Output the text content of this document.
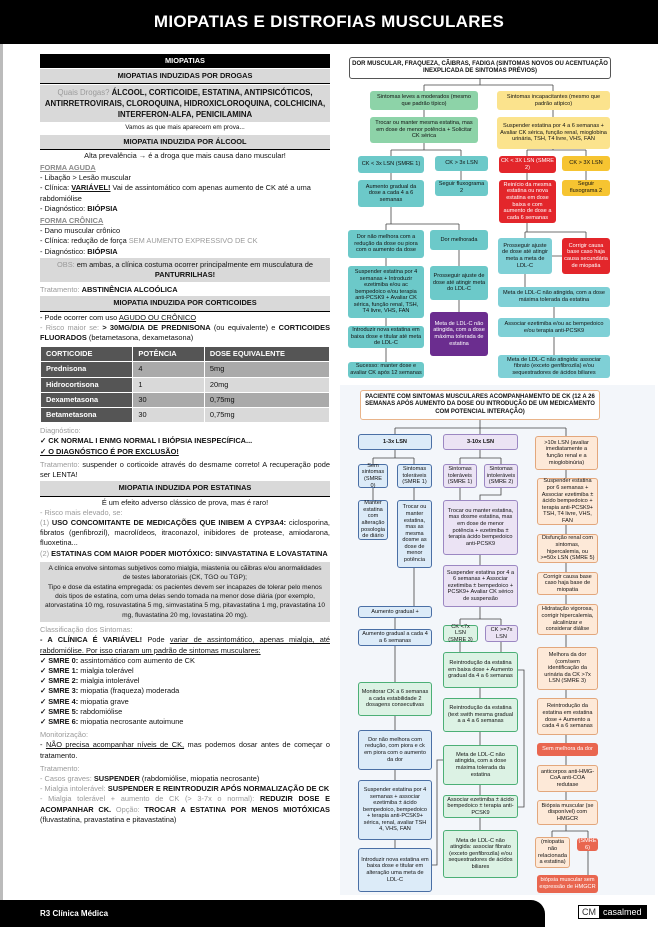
MIOPATIAS E DISTROFIAS MUSCULARES
MIOPATIAS
MIOPATIAS INDUZIDAS POR DROGAS
Quais Drogas? ÁLCOOL, CORTICOIDE, ESTATINA, ANTIPSICÓTICOS, ANTIRRETROVIRAIS, CLOROQUINA, HIDROXICLOROQUINA, COLCHICINA, INTERFERON-ALFA, PENICILAMINA
Vamos as que mais aparecem em prova...
MIOPATIA INDUZIDA POR ÁLCOOL
Alta prevalência → é a droga que mais causa dano muscular!
FORMA AGUDA
- Libação > Lesão muscular
- Clínica: VARIÁVEL! Vai de assintomático com apenas aumento de CK até a uma rabdomiólise
- Diagnóstico: BIÓPSIA
FORMA CRÔNICA
- Dano muscular crônico
- Clínica: redução de força SEM AUMENTO EXPRESSIVO DE CK
- Diagnóstico: BIÓPSIA
OBS: em ambas, a clínica costuma ocorrer principalmente em musculatura de PANTURRILHAS!
Tratamento: ABSTINÊNCIA ALCOÓLICA
MIOPATIA INDUZIDA POR CORTICOIDES
- Pode ocorrer com uso AGUDO OU CRÔNICO
- Risco maior se: > 30MG/DIA DE PREDNISONA (ou equivalente) e CORTICOIDES FLUORADOS (betametasona, dexametasona)
CORTICOIDE	POTÊNCIA	DOSE EQUIVALENTE
Prednisona	4	5mg
Hidrocortisona	1	20mg
Dexametasona	30	0,75mg
Betametasona	30	0,75mg
Diagnóstico:
✓ CK NORMAL I ENMG NORMAL I BIÓPSIA INESPECÍFICA...
✓ O DIAGNÓSTICO É POR EXCLUSÃO!
Tratamento: suspender o corticoide através do desmame correto! A recuperação pode ser LENTA!
MIOPATIA INDUZIDA POR ESTATINAS
É um efeito adverso clássico de prova, mas é raro!
- Risco mais elevado, se:
(1) USO CONCOMITANTE DE MEDICAÇÕES QUE INIBEM A CYP3A4: ciclosporina, fibratos (genfibrozil), macrolídeos, itraconazol, inibidores de protease, amiodarona, fluoxetina...
(2) ESTATINAS COM MAIOR PODER MIOTÓXICO: SINVASTATINA E LOVASTATINA
A clínica envolve sintomas subjetivos como mialgia, miastenia ou cãibras e/ou anormalidades de testes laboratoriais (CK, TGO ou TGP);
Tipo e dose da estatina empregada: os pacientes devem ser incapazes de tolerar pelo menos dois tipos de estatina, com uma delas sendo tomada na menor dose diária (por exemplo, atorvastatina 10 mg, rosuvastatina 5 mg, simvastatina 5 mg, pitavastatina 1 mg, pravastatina 10 mg, fluvastatina 20 mg, lovastatina 20 mg).
Classificação dos Sintomas:
- A CLÍNICA É VARIÁVEL! Pode variar de assintomático, apenas mialgia, até rabdomiólise. Por isso criaram um padrão de sintomas musculares:
✓ SMRE 0: assintomático com aumento de CK
✓ SMRE 1: mialgia tolerável
✓ SMRE 2: mialgia intolerável
✓ SMRE 3: miopatia (fraqueza) moderada
✓ SMRE 4: miopatia grave
✓ SMRE 5: rabdomiólise
✓ SMRE 6: miopatia necrosante autoimune
Monitorização:
- NÃO precisa acompanhar níveis de CK, mas podemos dosar antes de começar o tratamento.
Tratamento:
- Casos graves: SUSPENDER (rabdomiólise, miopatia necrosante)
- Mialgia intolerável: SUSPENDER E REINTRODUZIR APÓS NORMALIZAÇÃO DE CK
- Mialgia tolerável + aumento de CK (> 3-7x o normal): REDUZIR DOSE E ACOMPANHAR CK. Opção: TROCAR A ESTATINA POR MENOS MIOTÓXICAS (fluvastatina, pravastatina e pitavastatina)
DOR MUSCULAR, FRAQUEZA, CÃIBRAS, FADIGA (SINTOMAS NOVOS OU ACENTUAÇÃO INEXPLICADA DE SINTOMAS PRÉVIOS)
Sintomas leves a moderados (mesmo que padrão típico)
Trocar ou manter mesma estatina, mas em dose de menor potência + Solicitar CK sérica
Sintomas incapacitantes (mesmo que padrão atípico)
Suspender estatina por 4 a 6 semanas + Avaliar CK sérica, função renal, mioglobina urinária, TSH, T4 livre, VHS, FAN
CK < 3x LSN (SMRE 1)	CK > 3x LSN
Aumento gradual da dose a cada 4 a 6 semanas
Seguir fluxograma 2
CK < 3X LSN (SMRE 2)
CK > 3X LSN
Reinício da mesma estatina ou nova estatina em dose baixa e com aumento de dose a cada 6 semanas
Seguir fluxograma 2
Dor não melhora com a redução da dose ou piora com o aumento da dose
Dor melhorada
Prosseguir ajuste de dose até atingir meta a meta de LDL-C
Corrigir causa base caso haja causa secundária de miopatia
Suspender estatina por 4 semanas + Introduzir ezetimiba e/ou ac bempedoico e/ou terapia anti-PCSK9 + Avaliar CK sérica, função renal, TSH, T4 livre, VHS, FAN
Prosseguir ajuste de dose até atingir meta do LDL-C
Introduzir nova estatina em baixa dose e titular até meta de LDL-C
Meta de LDL-C não atingida, com a dose máxima tolerada de estatina
Meta de LDL-C não atingida, com a dose máxima tolerada da estatina
Associar ezetimiba e/ou ac bempedoico e/ou terapia anti-PCSK9
Sucesso: manter dose e avaliar CK após 12 semanas
Meta de LDL-C não atingida: associar fibrato (exceto genfibrozila) e/ou sequestradores de ácidos biliares
PACIENTE COM SINTOMAS MUSCULARES ACOMPANHAMENTO DE CK (12 A 26 SEMANAS APÓS AUMENTO DA DOSE OU INTRODUÇÃO DE UM MEDICAMENTO COM POTENCIAL INTERAÇÃO)
1-3x LSN	3-10x LSN	>10x LSN (avaliar imediatamente a função renal e a mioglobinúria)
Sem sintomas (SMRE 0)
Sintomas toleráveis (SMRE 1)
Manter estatina com alteração posologia de diário
Trocar ou manter estatina, mas as mesma dosme as dose de menor potência
Aumento gradual +
Aumento gradual a cada 4 a 6 semanas
Monitorar CK a 6 semanas a cada estabilidade 2 dosagens consecutivas
Dor não melhora com redução, com piora e ck em piora com o aumento da dor
Suspender estatina por 4 semanas + associar ezetimiba ± ácido bempedoico, bempedoico + terapia anti-PCSK9+ sérica, renal, avaliar TSH 4, VHS, FAN
Introduzir nova estatina em baixa dose e titular em alteração uma meta de LDL-C
Sintomas toleráveis (SMRE 1)
Sintomas intoleráveis (SMRE 2)
Trocar ou manter estatina, mas dosme estatina, mas em dose de menor potência + ezetimiba ± terapia ácido bempedoico anti-PCSK9
Suspender estatina por 4 a 6 semanas + Associar ezetimiba ± bempedoico + PCSK9+ Avaliar CK sérico de suspensão
CK <7x LSN (SMRE 3)
CK >=7x LSN
Reintrodução da estatina em baixa dose + Aumento gradual da 4 a 6 semanas
Reintrodução da estatina (text swith mesma gradual a a 4 a 6 semanas
Meta de LDL-C não atingida, com a dose máxima tolerada da estatina
Associar ezetimiba ± ácido bempedoico ± terapia anti-PCSK9
Meta de LDL-C não atingida: associar fibrato (exceto genfibrozila) e/ou sequestradores de ácidos biliares
Suspender estatina por 6 semanas + Associar ezetimiba ± ácido bempedoico + terapia anti-PCSK9+ TSH, T4 livre, VHS, FAN
Disfunção renal com sintomas, hipercalemia, ou >=50x LSN (SMRE 5)
Corrigir causa base caso haja base de miopatia
Hidratação vigorosa, corrigir hipercalemia, alcalinizar e considerar diálise
Melhora da dor (com/sem identificação da urinária da CK >7x LSN (SMRE 3)
Reintrodução da estatina em estatina dose + Aumento a cada 4 a 6 semanas
Sem melhora da dor
anticorpos anti-HMG-CoA anti-COA redutase
Biópsia muscular (se disponível) com HMGCR
(miopatia não relacionada a estatina)
(SMRE 6)
biópsia muscular sem expressão de HMGCR
R3 Clínica Médica	CM casalmed
